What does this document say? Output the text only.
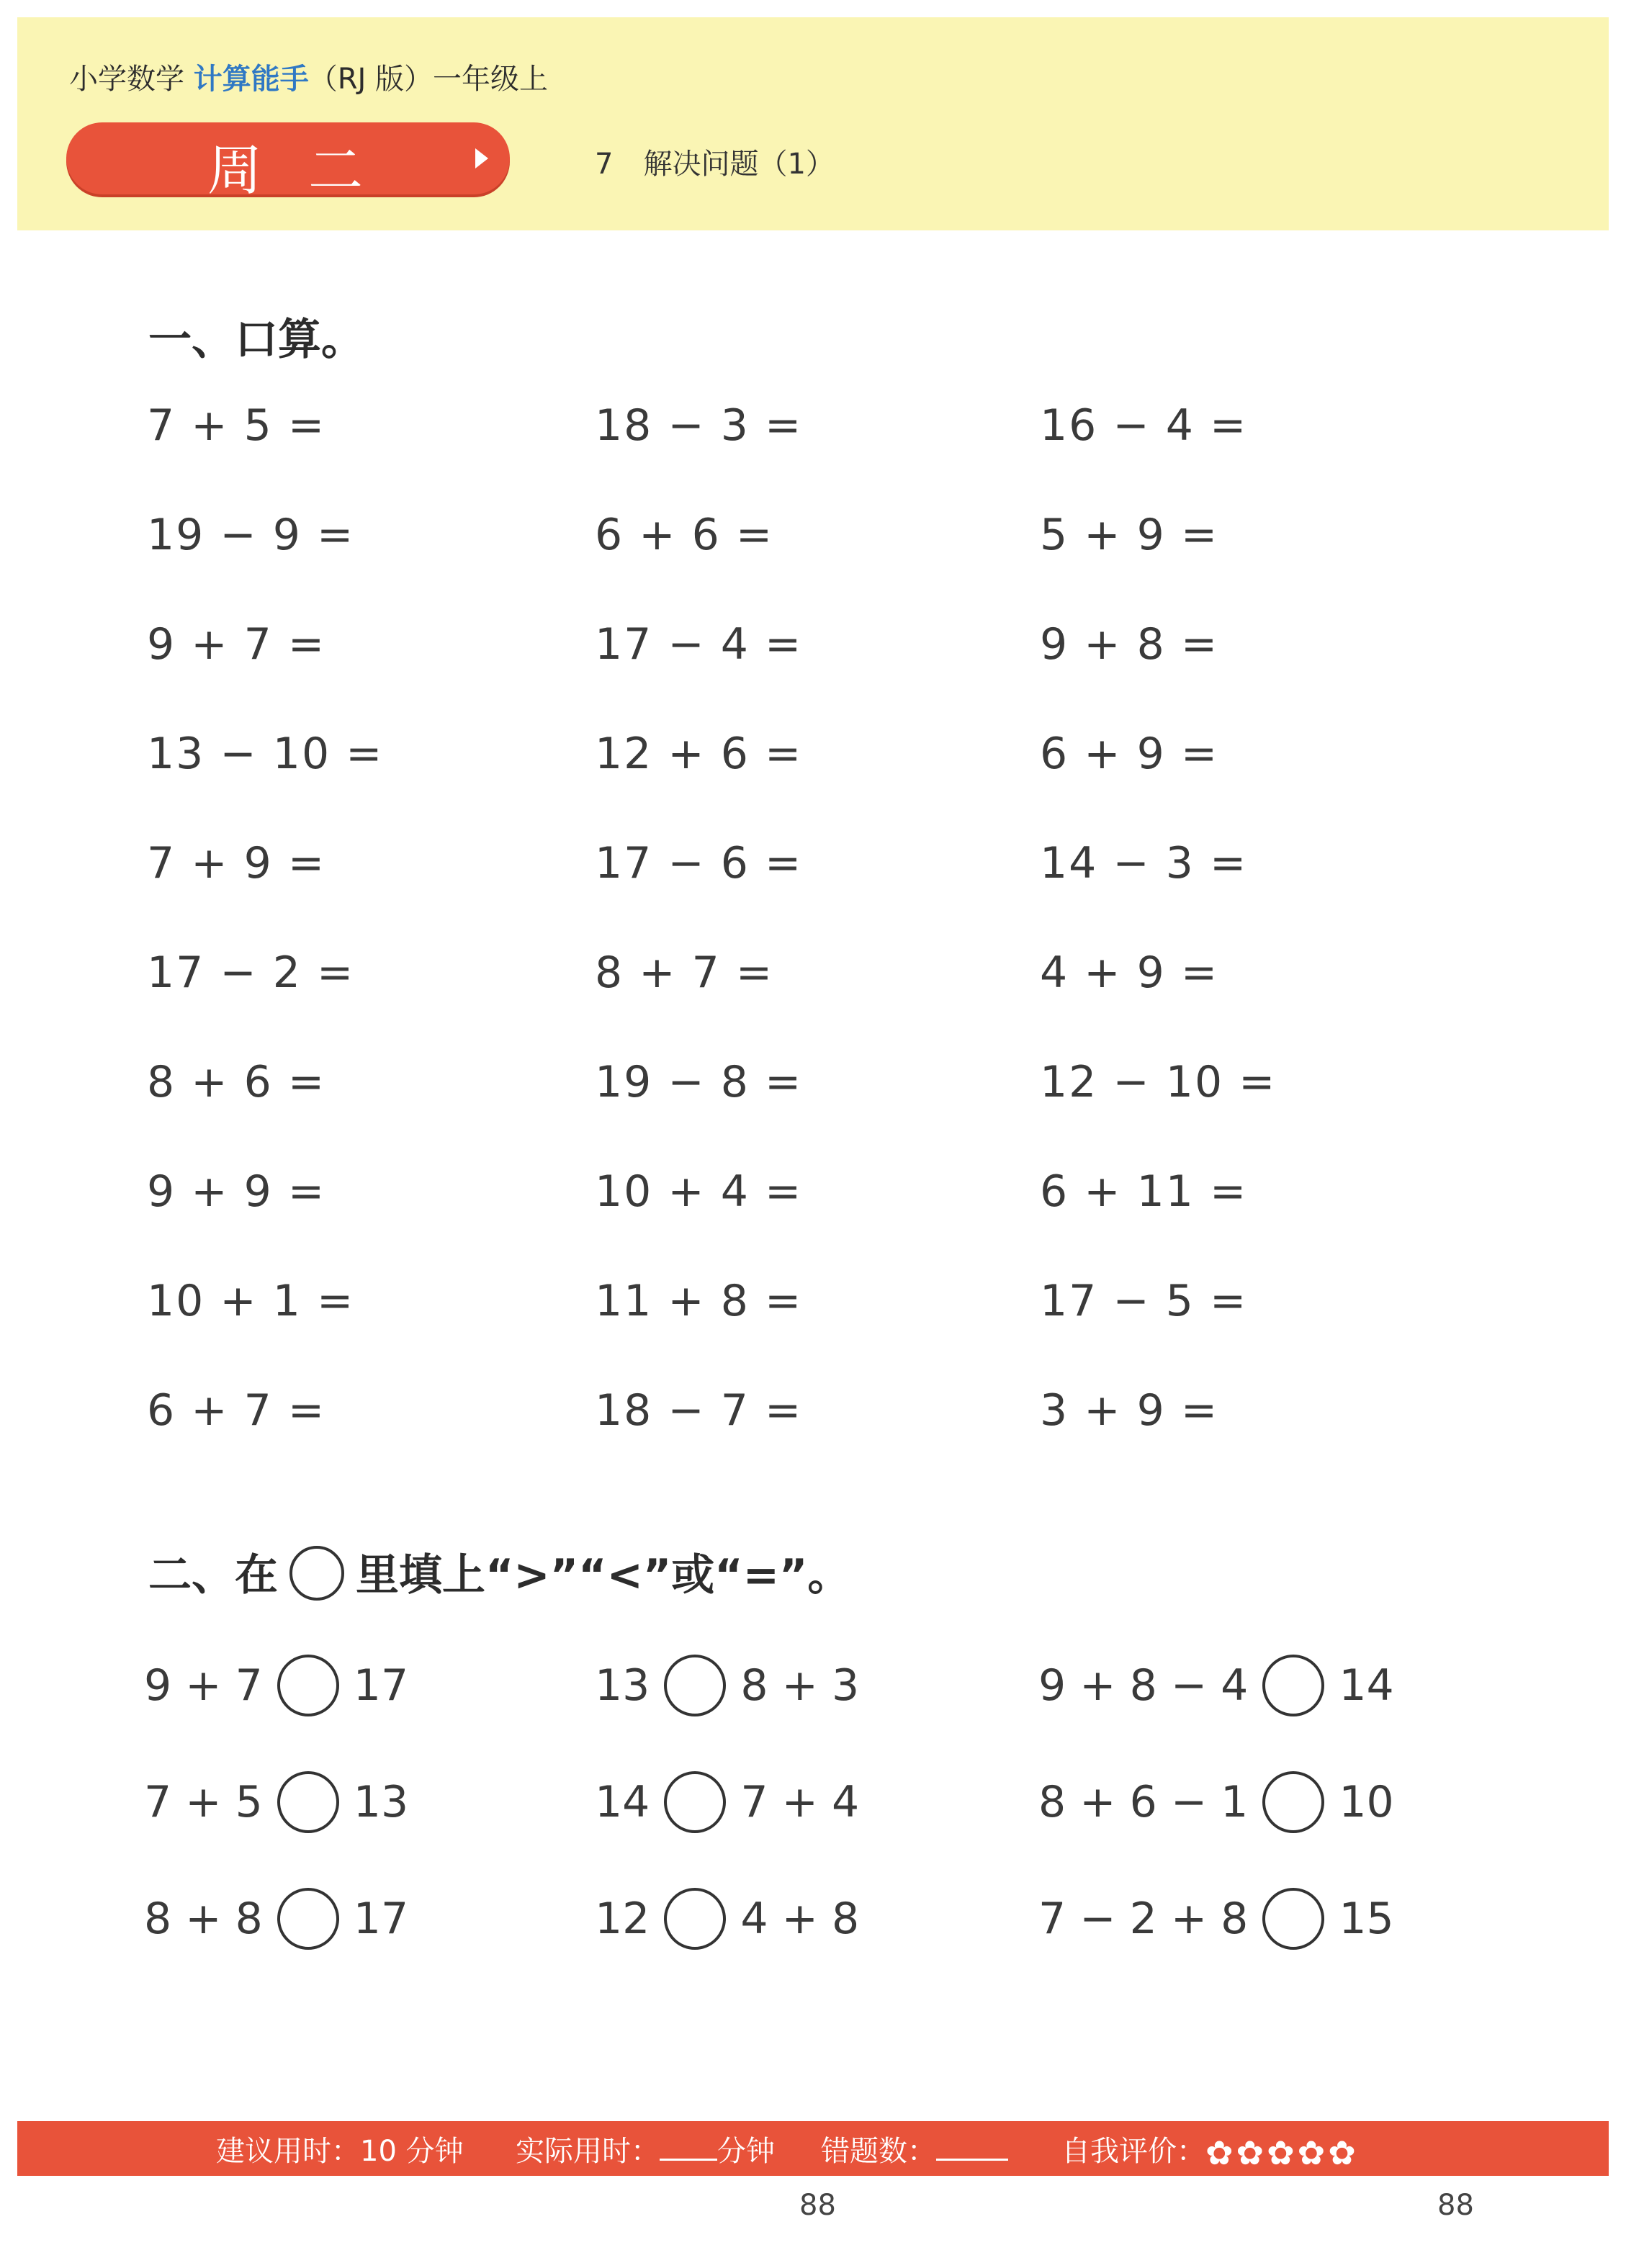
小学数学 计算能手（RJ 版）一年级上
周二	7 解决问题（1）
一、口算。
7 + 5 =	18 − 3 =	16 − 4 =
19 − 9 =	6 + 6 =	5 + 9 =
9 + 7 =	17 − 4 =	9 + 8 =
13 − 10 =	12 + 6 =	6 + 9 =
7 + 9 =	17 − 6 =	14 − 3 =
17 − 2 =	8 + 7 =	4 + 9 =
8 + 6 =	19 − 8 =	12 − 10 =
9 + 9 =	10 + 4 =	6 + 11 =
10 + 1 =	11 + 8 =	17 − 5 =
6 + 7 =	18 − 7 =	3 + 9 =
二、在 里填上“>”“<”或“=”。
9 + 7 17	13 8 + 3	9 + 8 − 4 14
7 + 5 13	14 7 + 4	8 + 6 − 1 10
8 + 8 17	12 4 + 8	7 − 2 + 8 15
建议用时：10 分钟 实际用时： 分钟 错题数：	自我评价：✿✿✿✿✿
88	88
